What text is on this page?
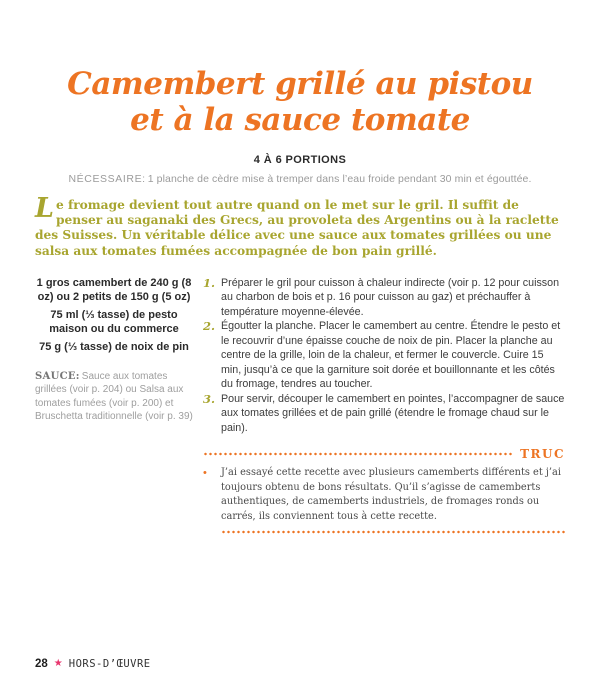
Camembert grillé au pistou
et à la sauce tomate

4 À 6 PORTIONS

NÉCESSAIRE: 1 planche de cèdre mise à tremper dans l’eau froide pendant 30 min et égouttée.

Le fromage devient tout autre quand on le met sur le gril. Il suffit de penser au saganaki des Grecs, au provoleta des Argentins ou à la raclette des Suisses. Un véritable délice avec une sauce aux tomates grillées ou une salsa aux tomates fumées accompagnée de bon pain grillé.

1 gros camembert de 240 g (8 oz) ou 2 petits de 150 g (5 oz)

75 ml (⅓ tasse) de pesto maison ou du commerce

75 g (⅓ tasse) de noix de pin

SAUCE: Sauce aux tomates grillées (voir p. 204) ou Salsa aux tomates fumées (voir p. 200) et Bruschetta traditionnelle (voir p. 39)

1. Préparer le gril pour cuisson à chaleur indirecte (voir p. 12 pour cuisson au charbon de bois et p. 16 pour cuisson au gaz) et préchauffer à température moyenne-élevée.
2. Égoutter la planche. Placer le camembert au centre. Étendre le pesto et le recouvrir d’une épaisse couche de noix de pin. Placer la planche au centre de la grille, loin de la chaleur, et fermer le couvercle. Cuire 15 min, jusqu’à ce que la garniture soit dorée et bouillonnante et les côtés du fromage, tendres au toucher.
3. Pour servir, découper le camembert en pointes, l’accompagner de sauce aux tomates grillées et de pain grillé (étendre le fromage chaud sur le pain).
TRUC
•	J’ai essayé cette recette avec plusieurs camemberts différents et j’ai toujours obtenu de bons résultats. Qu’il s’agisse de camemberts authentiques, de camemberts industriels, de fromages ronds ou carrés, ils conviennent tous à cette recette.
28 ★ HORS-D’ŒUVRE
